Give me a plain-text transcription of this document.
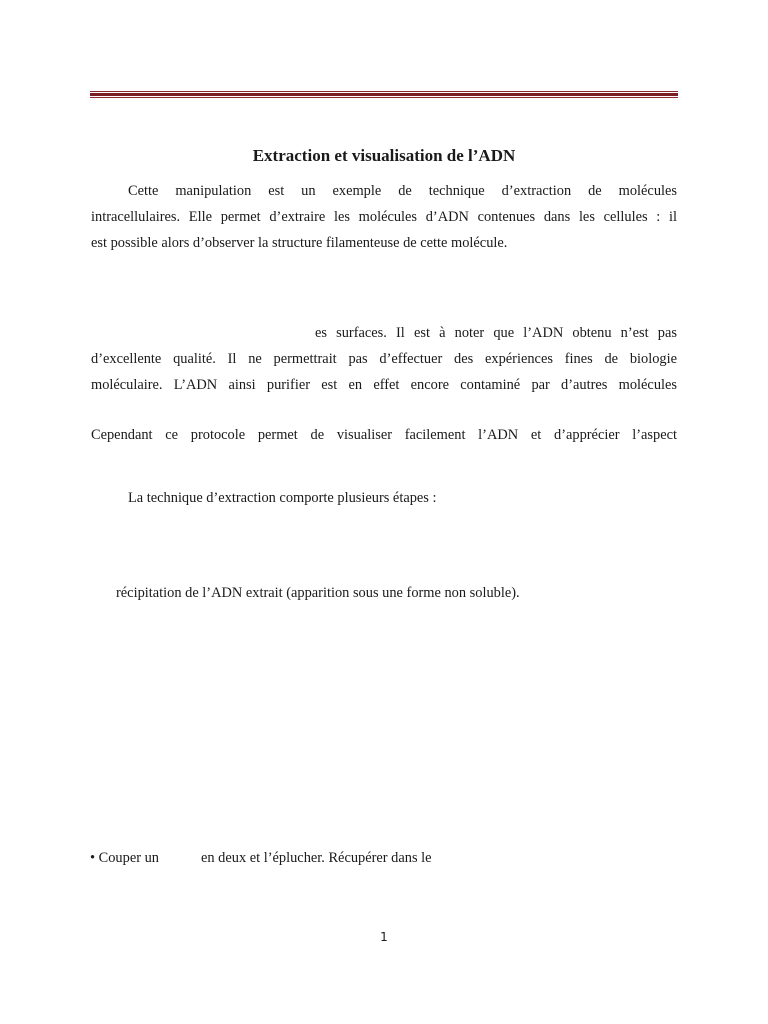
Extraction et visualisation de l’ADN
Cette manipulation est un exemple de technique d’extraction de molécules
intracellulaires. Elle permet d’extraire les molécules d’ADN contenues dans les cellules : il
est possible alors d’observer la structure filamenteuse de cette molécule.
es surfaces. Il est à noter que l’ADN obtenu n’est pas
d’excellente qualité. Il ne permettrait pas d’effectuer des expériences fines de biologie
moléculaire. L’ADN ainsi purifier est en effet encore contaminé par d’autres molécules
Cependant ce protocole permet de visualiser facilement l’ADN et d’apprécier l’aspect
La technique d’extraction comporte plusieurs étapes :
récipitation de l’ADN extrait (apparition sous une forme non soluble).
• Couper un	en deux et l’éplucher. Récupérer dans le
1
